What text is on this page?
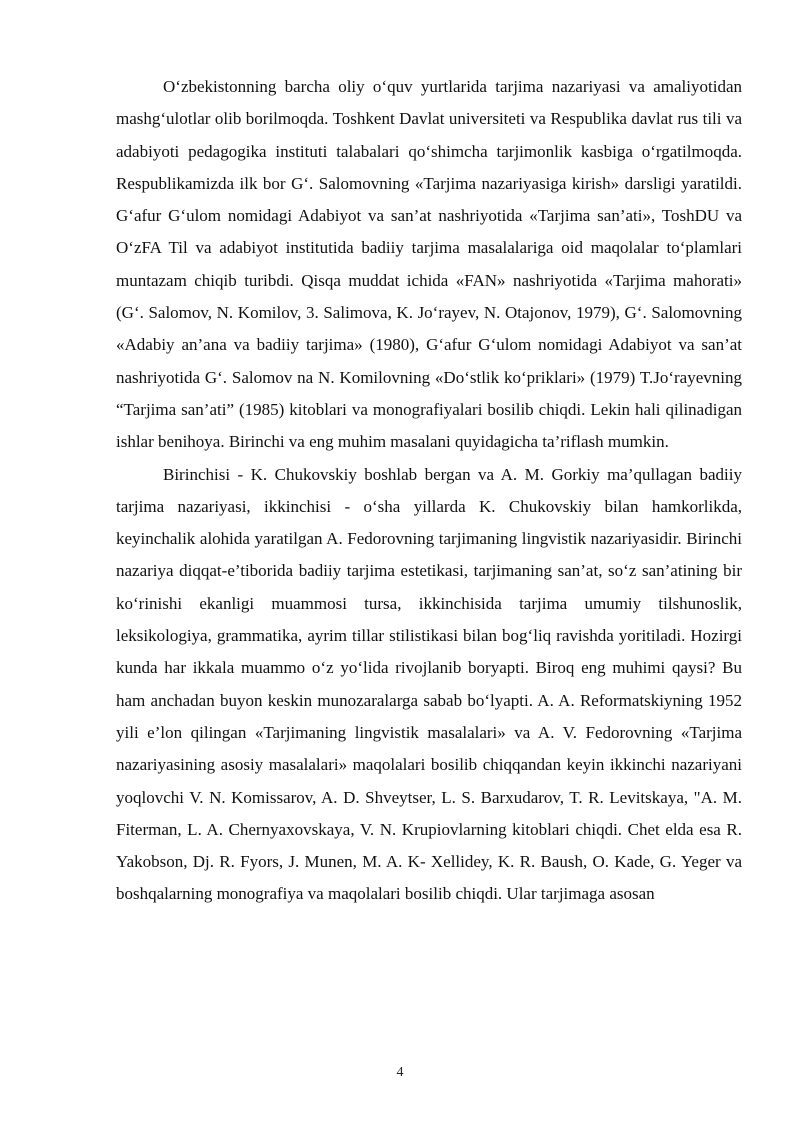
O‘zbekistonning barcha oliy o‘quv yurtlarida tarjima nazariyasi va amaliyotidan mashg‘ulotlar olib borilmoqda. Toshkent Davlat universiteti va Respublika davlat rus tili va adabiyoti pedagogika instituti talabalari qo‘shimcha tarjimonlik kasbiga o‘rgatilmoqda. Respublikamizda ilk bor G‘. Salomovning «Tarjima nazariyasiga kirish» darsligi yaratildi. G‘afur G‘ulom nomidagi Adabiyot va san’at nashriyotida «Tarjima san’ati», ToshDU va O‘zFA Til va adabiyot institutida badiiy tarjima masalalariga oid maqolalar to‘plamlari muntazam chiqib turibdi. Qisqa muddat ichida «FAN» nashriyotida «Tarjima mahorati» (G‘. Salomov, N. Komilov, 3. Salimova, K. Jo‘rayev, N. Otajonov, 1979), G‘. Salomovning «Adabiy an’ana va badiiy tarjima» (1980), G‘afur G‘ulom nomidagi Adabiyot va san’at nashriyotida G‘. Salomov na N. Komilovning «Do‘stlik ko‘priklari» (1979) T.Jo‘rayevning “Tarjima san’ati” (1985) kitoblari va monografiyalari bosilib chiqdi. Lekin hali qilinadigan ishlar benihoya. Birinchi va eng muhim masalani quyidagicha ta’riflash mumkin.

Birinchisi - K. Chukovskiy boshlab bergan va A. M. Gorkiy ma’qullagan badiiy tarjima nazariyasi, ikkinchisi - o‘sha yillarda K. Chukovskiy bilan hamkorlikda, keyinchalik alohida yaratilgan A. Fedorovning tarjimaning lingvistik nazariyasidir. Birinchi nazariya diqqat-e’tiborida badiiy tarjima estetikasi, tarjimaning san’at, so‘z san’atining bir ko‘rinishi ekanligi muammosi tursa, ikkinchisida tarjima umumiy tilshunoslik, leksikologiya, grammatika, ayrim tillar stilistikasi bilan bog‘liq ravishda yoritiladi. Hozirgi kunda har ikkala muammo o‘z yo‘lida rivojlanib boryapti. Biroq eng muhimi qaysi? Bu ham anchadan buyon keskin munozaralarga sabab bo‘lyapti. A. A. Reformatskiyning 1952 yili e’lon qilingan «Tarjimaning lingvistik masalalari» va A. V. Fedorovning «Tarjima nazariyasining asosiy masalalari» maqolalari bosilib chiqqandan keyin ikkinchi nazariyani yoqlovchi V. N. Komissarov, A. D. Shveytser, L. S. Barxudarov, T. R. Levitskaya, "A. M. Fiterman, L. A. Chernyaxovskaya, V. N. Krupiovlarning kitoblari chiqdi. Chet elda esa R. Yakobson, Dj. R. Fyors, J. Munen, M. A. K- Xellidey, K. R. Baush, O. Kade, G. Yeger va boshqalarning monografiya va maqolalari bosilib chiqdi. Ular tarjimaga asosan

4
